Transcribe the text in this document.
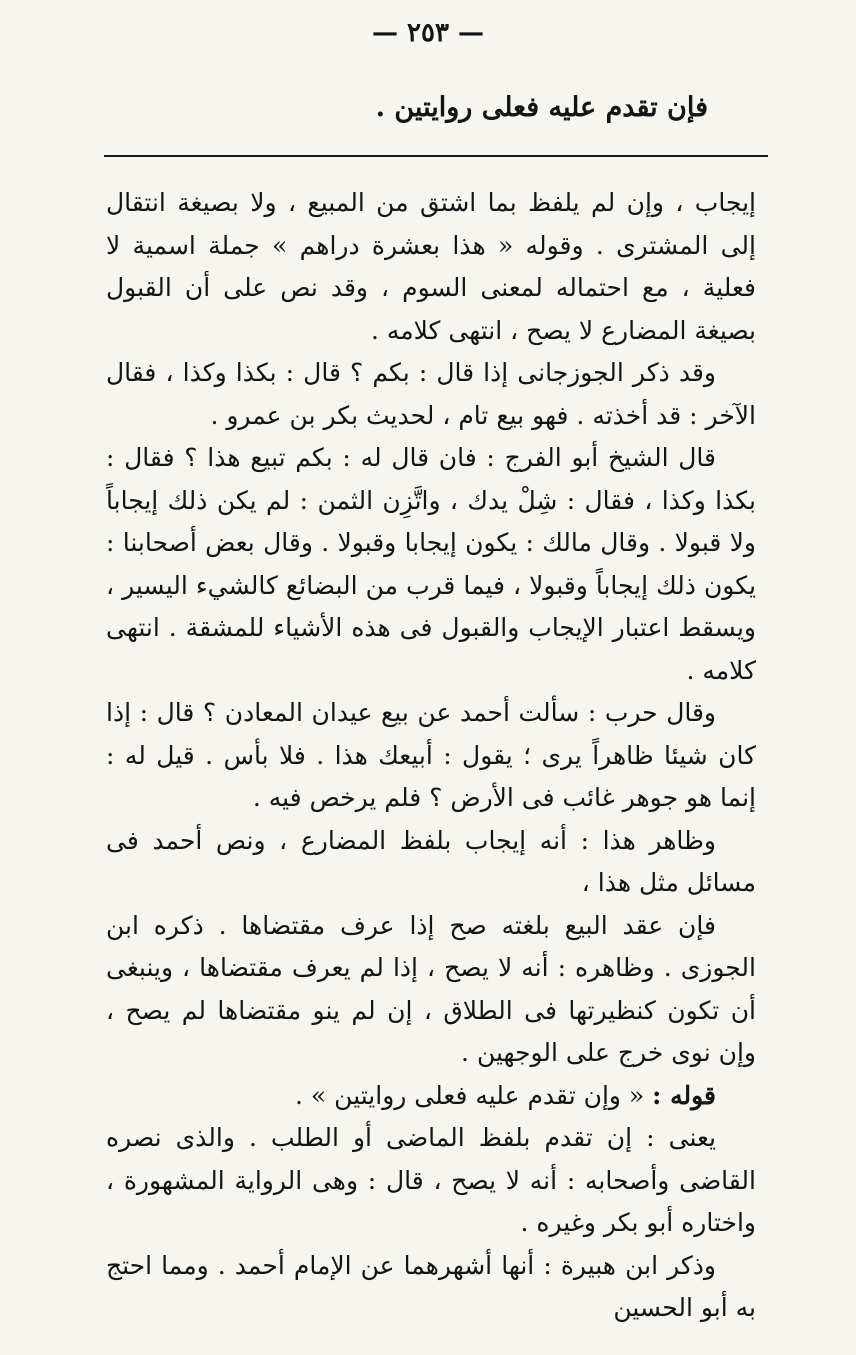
— ٢٥٣ —
فإن تقدم عليه فعلى روايتين .

إيجاب ، وإن لم يلفظ بما اشتق من المبيع ، ولا بصيغة انتقال إلى المشترى . وقوله « هذا بعشرة دراهم » جملة اسمية لا فعلية ، مع احتماله لمعنى السوم ، وقد نص على أن القبول بصيغة المضارع لا يصح ، انتهى كلامه .

وقد ذكر الجوزجانى إذا قال : بكم ؟ قال : بكذا وكذا ، فقال الآخر : قد أخذته . فهو بيع تام ، لحديث بكر بن عمرو .

قال الشيخ أبو الفرج : فان قال له : بكم تبيع هذا ؟ فقال : بكذا وكذا ، فقال : شِلْ يدك ، واتَّزِن الثمن : لم يكن ذلك إيجاباً ولا قبولا . وقال مالك : يكون إيجابا وقبولا . وقال بعض أصحابنا : يكون ذلك إيجاباً وقبولا ، فيما قرب من البضائع كالشيء اليسير ، ويسقط اعتبار الإيجاب والقبول فى هذه الأشياء للمشقة . انتهى كلامه .

وقال حرب : سألت أحمد عن بيع عيدان المعادن ؟ قال : إذا كان شيئا ظاهراً يرى ؛ يقول : أبيعك هذا . فلا بأس . قيل له : إنما هو جوهر غائب فى الأرض ؟ فلم يرخص فيه .

وظاهر هذا : أنه إيجاب بلفظ المضارع ، ونص أحمد فى مسائل مثل هذا ،

فإن عقد البيع بلغته صح إذا عرف مقتضاها . ذكره ابن الجوزى . وظاهره : أنه لا يصح ، إذا لم يعرف مقتضاها ، وينبغى أن تكون كنظيرتها فى الطلاق ، إن لم ينو مقتضاها لم يصح ، وإن نوى خرج على الوجهين .

قوله : « وإن تقدم عليه فعلى روايتين » .

يعنى : إن تقدم بلفظ الماضى أو الطلب . والذى نصره القاضى وأصحابه : أنه لا يصح ، قال : وهى الرواية المشهورة ، واختاره أبو بكر وغيره .

وذكر ابن هبيرة : أنها أشهرهما عن الإمام أحمد . ومما احتج به أبو الحسين
